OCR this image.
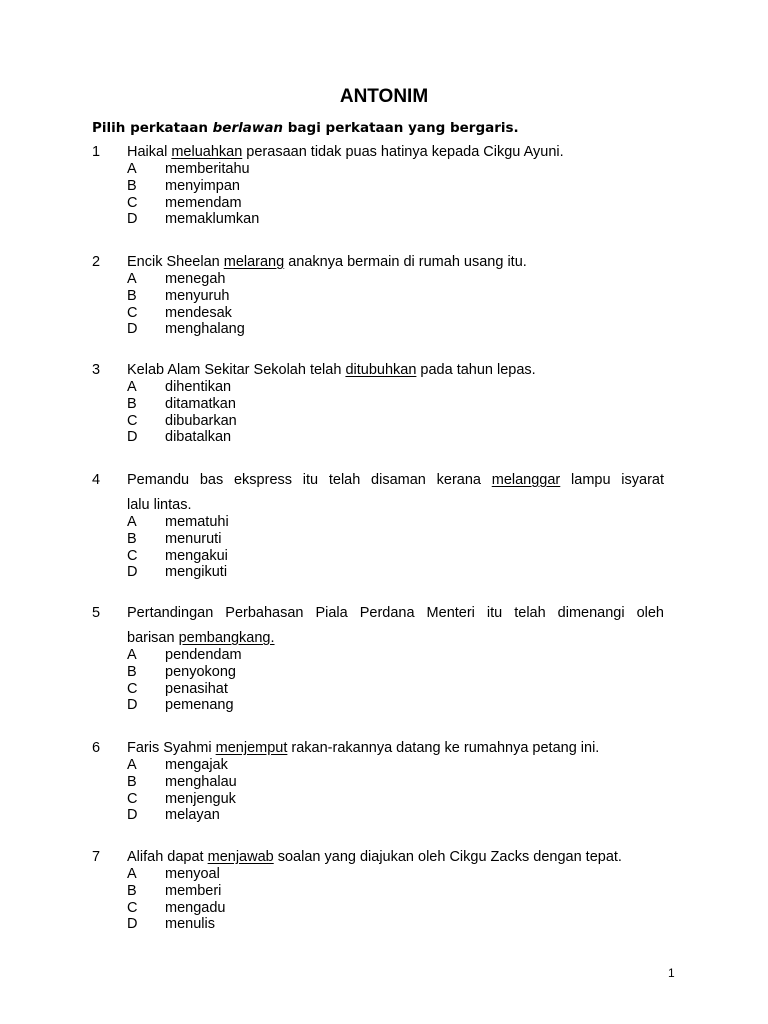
ANTONIM
Pilih perkataan berlawan bagi perkataan yang bergaris.
1	Haikal meluahkan perasaan tidak puas hatinya kepada Cikgu Ayuni.
A	memberitahu
B	menyimpan
C	memendam
D	memaklumkan
2	Encik Sheelan melarang anaknya bermain di rumah usang itu.
A	menegah
B	menyuruh
C	mendesak
D	menghalang
3	Kelab Alam Sekitar Sekolah telah ditubuhkan pada tahun lepas.
A	dihentikan
B	ditamatkan
C	dibubarkan
D	dibatalkan
4	Pemandu bas ekspress itu telah disaman kerana melanggar lampu isyarat
lalu lintas.
A	mematuhi
B	menuruti
C	mengakui
D	mengikuti
5	Pertandingan Perbahasan Piala Perdana Menteri itu telah dimenangi oleh
barisan pembangkang.
A	pendendam
B	penyokong
C	penasihat
D	pemenang
6	Faris Syahmi menjemput rakan-rakannya datang ke rumahnya petang ini.
A	mengajak
B	menghalau
C	menjenguk
D	melayan
7	Alifah dapat menjawab soalan yang diajukan oleh Cikgu Zacks dengan tepat.
A	menyoal
B	memberi
C	mengadu
D	menulis
1
